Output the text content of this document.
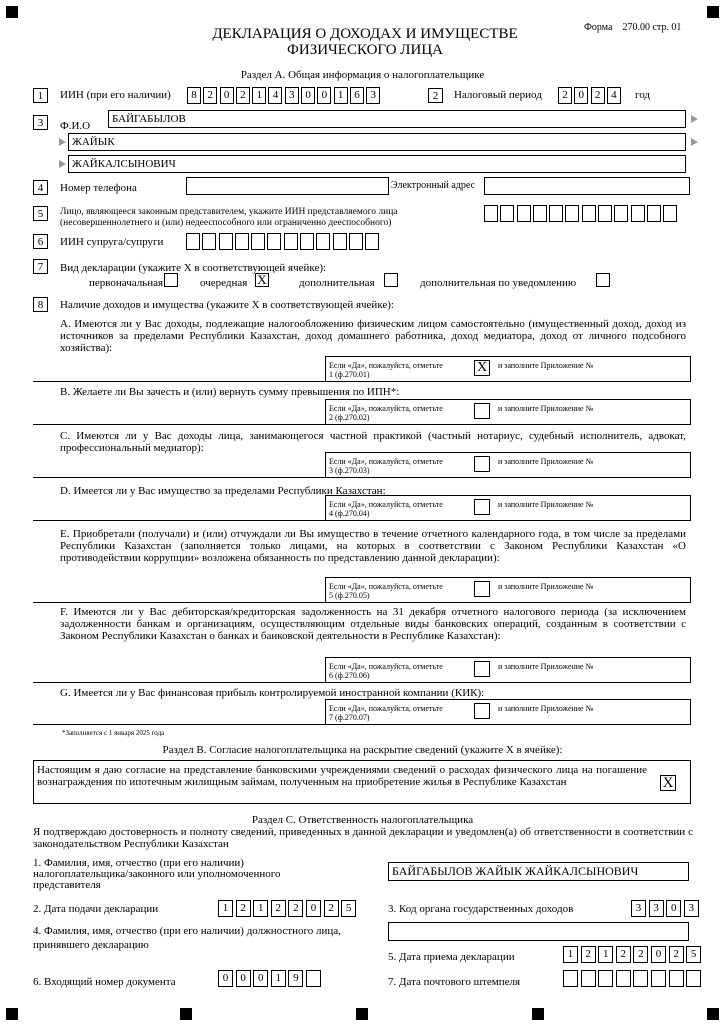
Форма 270.00 стр. 01
ДЕКЛАРАЦИЯ О ДОХОДАХ И ИМУЩЕСТВЕ
ФИЗИЧЕСКОГО ЛИЦА
Раздел А. Общая информация о налогоплательщике
1	ИИН (при его наличии)	8 2 0 2 1 4 3 0 0 1 6 3	2	Налоговый период	2 0 2 4	год
3	Ф.И.О
БАЙГАБЫЛОВ
ЖАЙЫК
ЖАЙКАЛСЫНОВИЧ
4	Номер телефона	Электронный адрес
5	Лицо, являющееся законным представителем, укажите ИИН представляемого лица
(несовершеннолетнего и (или) недееспособного или ограниченно дееспособного)
6	ИИН супруга/супруги
7	Вид декларации (укажите Х в соответствующей ячейке):
первоначальная	очередная X	дополнительная	дополнительная по уведомлению
8	Наличие доходов и имущества (укажите Х в соответствующей ячейке):
А. Имеются ли у Вас доходы, подлежащие налогообложению физическим лицом самостоятельно (имущественный доход, доход из источников за пределами Республики Казахстан, доход домашнего работника, доход медиатора, доход от личного подсобного хозяйства):
Если «Да», пожалуйста, отметьте
1 (ф.270.01)	X	и заполните Приложение №
B. Желаете ли Вы зачесть и (или) вернуть сумму превышения по ИПН*:
Если «Да», пожалуйста, отметьте
2 (ф.270.02)
и заполните Приложение №
C. Имеются ли у Вас доходы лица, занимающегося частной практикой (частный нотариус, судебный исполнитель, адвокат, профессиональный медиатор):
Если «Да», пожалуйста, отметьте
3 (ф.270.03)
и заполните Приложение №
D. Имеется ли у Вас имущество за пределами Республики Казахстан:
Если «Да», пожалуйста, отметьте
4 (ф.270.04)
и заполните Приложение №
E. Приобретали (получали) и (или) отчуждали ли Вы имущество в течение отчетного календарного года, в том числе за пределами Республики Казахстан (заполняется только лицами, на которых в соответствии с Законом Республики Казахстан «О противодействии коррупции» возложена обязанность по представлению данной декларации):
Если «Да», пожалуйста, отметьте
5 (ф.270.05)
и заполните Приложение №
F. Имеются ли у Вас дебиторская/кредиторская задолженность на 31 декабря отчетного налогового периода (за исключением задолженности банкам и организациям, осуществляющим отдельные виды банковских операций, созданным в соответствии с Законом Республики Казахстан о банках и банковской деятельности в Республике Казахстан):
Если «Да», пожалуйста, отметьте
6 (ф.270.06)
и заполните Приложение №
G. Имеется ли у Вас финансовая прибыль контролируемой иностранной компании (КИК):
Если «Да», пожалуйста, отметьте
7 (ф.270.07)
и заполните Приложение №
*Заполняется с 1 января 2025 года
Раздел В. Согласие налогоплательщика на раскрытие сведений (укажите Х в ячейке):
Настоящим я даю согласие на представление банковскими учреждениями сведений о расходах физического лица на погашение вознаграждения по ипотечным жилищным займам, полученным на приобретение жилья в Республике Казахстан	X
Раздел С. Ответственность налогоплательщика
Я подтверждаю достоверность и полноту сведений, приведенных в данной декларации и уведомлен(а) об ответственности в соответствии с законодательством Республики Казахстан
1. Фамилия, имя, отчество (при его наличии) налогоплательщика/законного или уполномоченного представителя
БАЙГАБЫЛОВ ЖАЙЫК ЖАЙКАЛСЫНОВИЧ
2. Дата подачи декларации	1	2	1	2	2	0	2	5	3. Код органа государственных доходов	3	3	0	3
4. Фамилия, имя, отчество (при его наличии) должностного лица, принявшего декларацию
5. Дата приема декларации	1	2	1	2	2	0	2	5
6. Входящий номер документа	0	0	0	1	9	7. Дата почтового штемпеля
